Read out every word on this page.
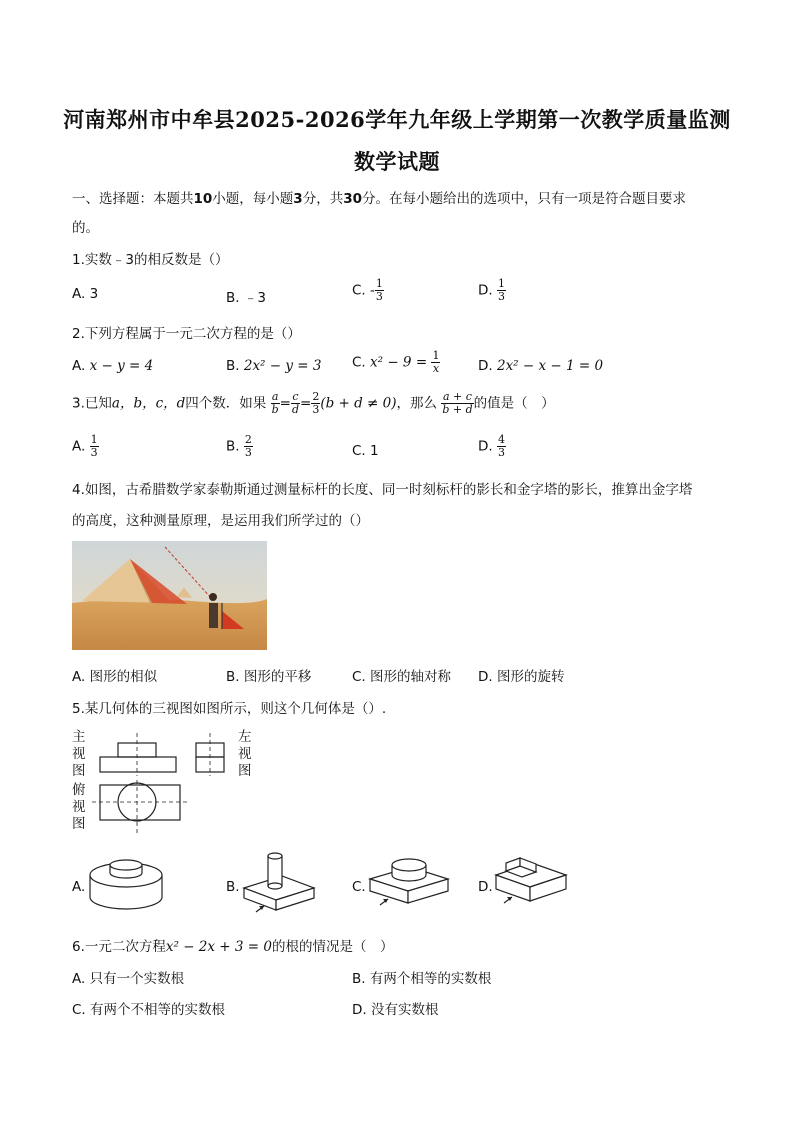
河南郑州市中牟县2025-2026学年九年级上学期第一次教学质量监测
数学试题
一、选择题：本题共10小题，每小题3分，共30分。在每小题给出的选项中，只有一项是符合题目要求
的。
1.实数﹣3的相反数是（）
A. 3	B. ﹣3	C. - $\frac{1}{3}$	D. $\frac{1}{3}$
2.下列方程属于一元二次方程的是（）
A. x − y = 4	B. 2x² − y = 3 C. $x^2 - 9 = \frac{1}{x}$	D. 2x² − x − 1 = 0
3.已知a，b，c，d四个数．如果 $\frac{a}{b} = \frac{c}{d} = \frac{2}{3} (b + d \ne 0)$，那么 $\frac{a + c}{b + d}$ 的值是（　）
A. $\frac{1}{3}$	B. $\frac{2}{3}$	C. 1	D. $\frac{4}{3}$
4.如图，古希腊数学家泰勒斯通过测量标杆的长度、同一时刻标杆的影长和金字塔的影长，推算出金字塔
的高度，这种测量原理，是运用我们所学过的（）
A. 图形的相似	B. 图形的平移	C. 图形的轴对称 D. 图形的旋转
5.某几何体的三视图如图所示，则这个几何体是（）.
主视图
左视图
俯视图
A.	B.	C.	D.
6.一元二次方程x² − 2x + 3 = 0的根的情况是（　）
A. 只有一个实数根	B. 有两个相等的实数根
C. 有两个不相等的实数根	D. 没有实数根
